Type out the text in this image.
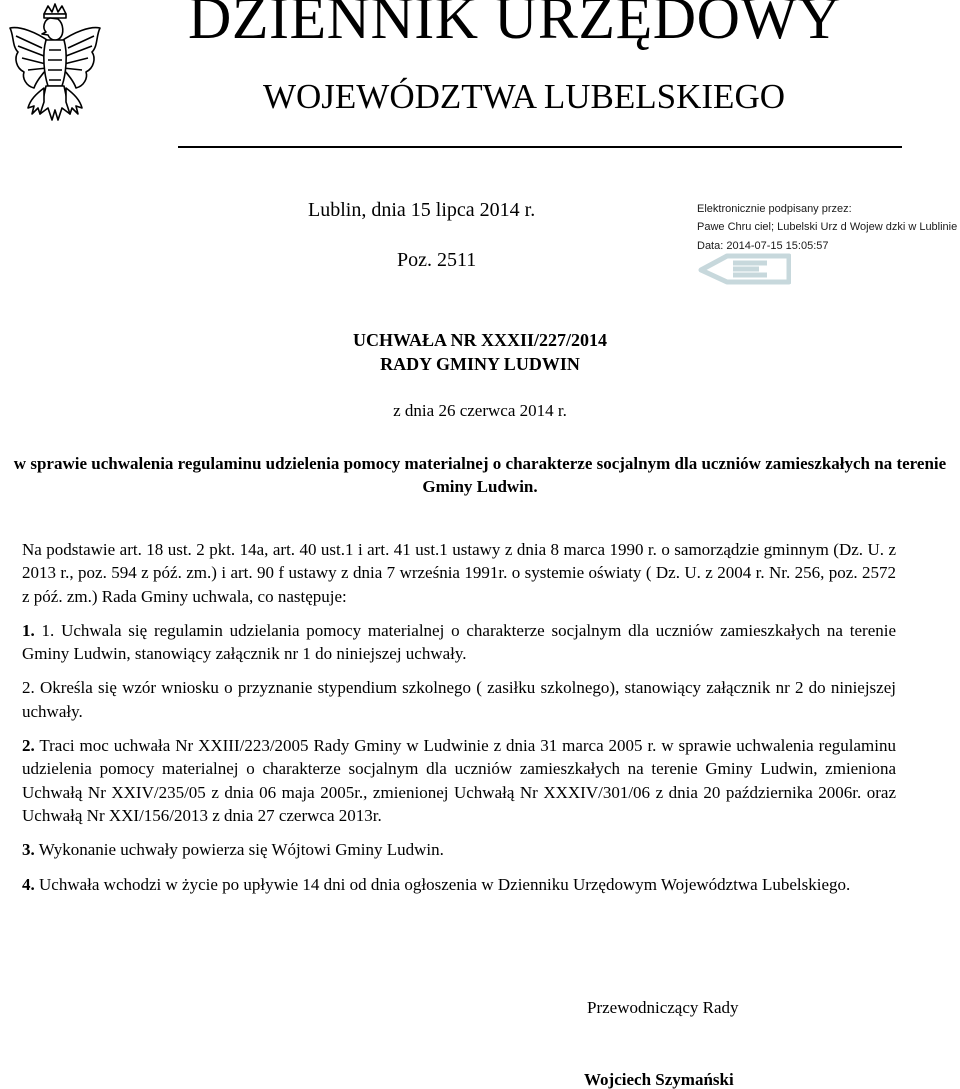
DZIENNIK URZĘDOWY
WOJEWÓDZTWA LUBELSKIEGO
Lublin, dnia 15 lipca 2014 r.
Poz. 2511
Elektronicznie podpisany przez:
Pawe Chru ciel; Lubelski Urz d Wojew dzki w Lublinie
Data: 2014-07-15 15:05:57
UCHWAŁA NR XXXII/227/2014
RADY GMINY LUDWIN
z dnia 26 czerwca 2014 r.
w sprawie uchwalenia regulaminu udzielenia pomocy materialnej o charakterze socjalnym dla uczniów zamieszkałych na terenie Gminy Ludwin.

Na podstawie art. 18 ust. 2 pkt. 14a, art. 40 ust.1 i art. 41 ust.1 ustawy z dnia 8 marca 1990 r. o samorządzie gminnym (Dz. U. z 2013 r., poz. 594 z póź. zm.) i art. 90 f ustawy z dnia 7 września 1991r. o systemie oświaty ( Dz. U. z 2004 r. Nr. 256, poz. 2572 z póź. zm.) Rada Gminy uchwala, co następuje:

1. 1. Uchwala się regulamin udzielania pomocy materialnej o charakterze socjalnym dla uczniów zamieszkałych na terenie Gminy Ludwin, stanowiący załącznik nr 1 do niniejszej uchwały.

2. Określa się wzór wniosku o przyznanie stypendium szkolnego ( zasiłku szkolnego), stanowiący załącznik nr 2 do niniejszej uchwały.

2. Traci moc uchwała Nr XXIII/223/2005 Rady Gminy w Ludwinie z dnia 31 marca 2005 r. w sprawie uchwalenia regulaminu udzielenia pomocy materialnej o charakterze socjalnym dla uczniów zamieszkałych na terenie Gminy Ludwin, zmieniona Uchwałą Nr XXIV/235/05 z dnia 06 maja 2005r., zmienionej Uchwałą Nr XXXIV/301/06 z dnia 20 października 2006r. oraz Uchwałą Nr XXI/156/2013 z dnia 27 czerwca 2013r.

3. Wykonanie uchwały powierza się Wójtowi Gminy Ludwin.

4. Uchwała wchodzi w życie po upływie 14 dni od dnia ogłoszenia w Dzienniku Urzędowym Województwa Lubelskiego.

Przewodniczący Rady
Wojciech Szymański
